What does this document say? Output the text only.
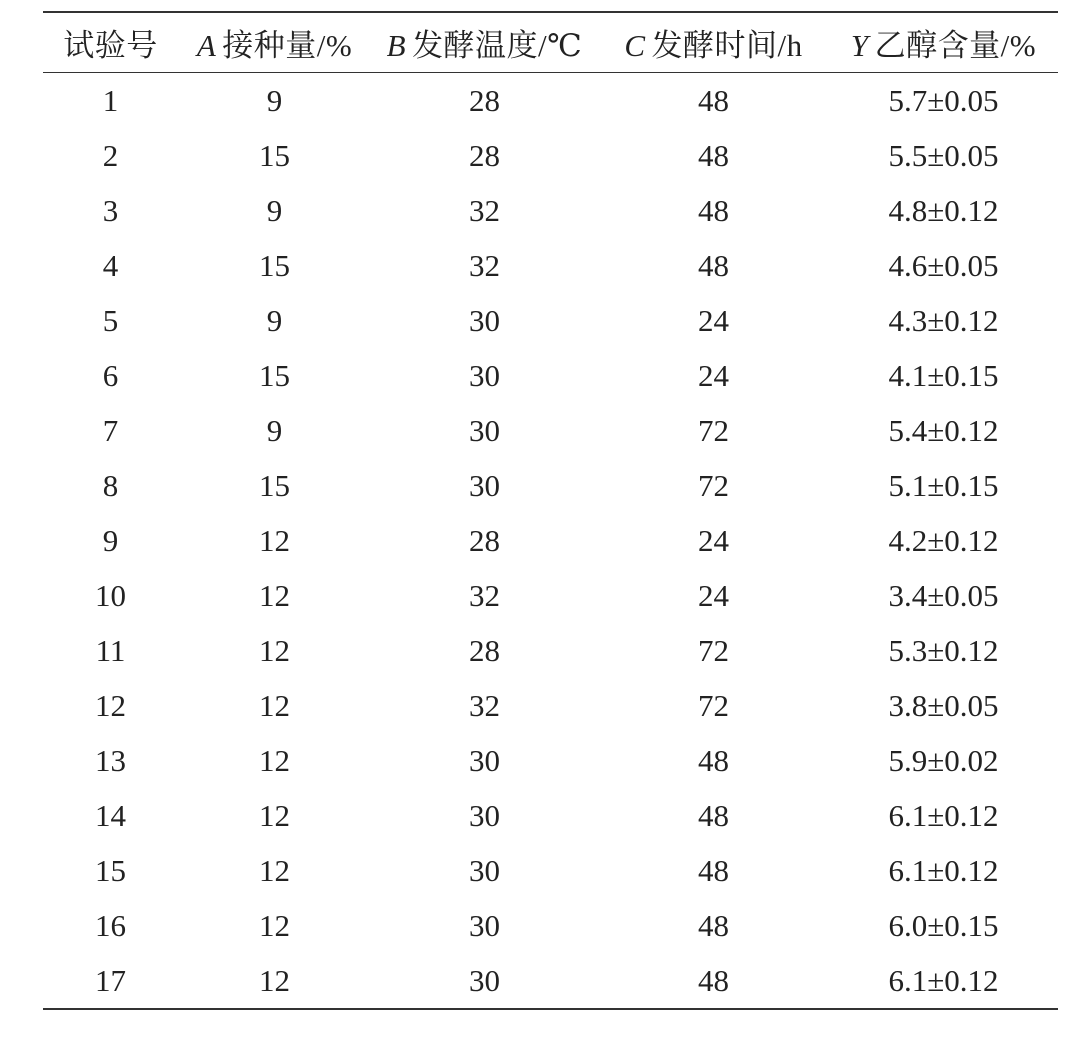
试验号	A 接种量/%	B 发酵温度/℃	C 发酵时间/h	Y 乙醇含量/%
1	9	28	48	5.7±0.05
2	15	28	48	5.5±0.05
3	9	32	48	4.8±0.12
4	15	32	48	4.6±0.05
5	9	30	24	4.3±0.12
6	15	30	24	4.1±0.15
7	9	30	72	5.4±0.12
8	15	30	72	5.1±0.15
9	12	28	24	4.2±0.12
10	12	32	24	3.4±0.05
11	12	28	72	5.3±0.12
12	12	32	72	3.8±0.05
13	12	30	48	5.9±0.02
14	12	30	48	6.1±0.12
15	12	30	48	6.1±0.12
16	12	30	48	6.0±0.15
17	12	30	48	6.1±0.12
